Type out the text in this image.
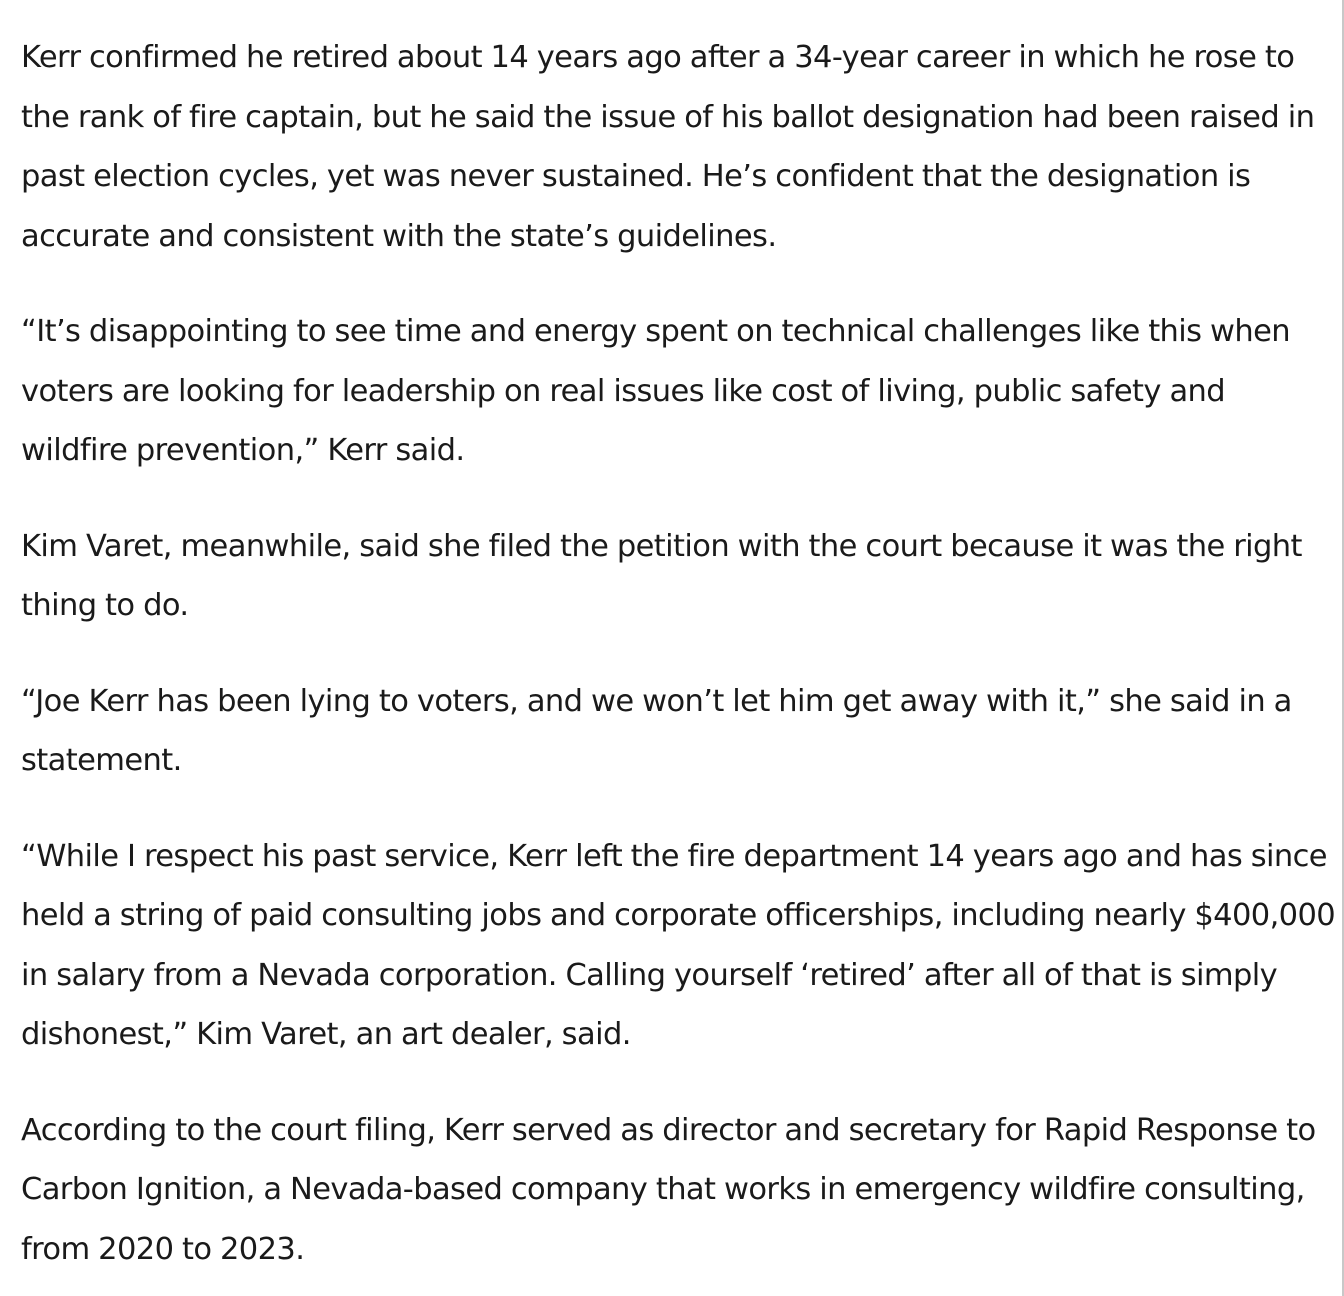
Kerr confirmed he retired about 14 years ago after a 34-year career in which he rose to the rank of fire captain, but he said the issue of his ballot designation had been raised in past election cycles, yet was never sustained. He’s confident that the designation is accurate and consistent with the state’s guidelines.

“It’s disappointing to see time and energy spent on technical challenges like this when voters are looking for leadership on real issues like cost of living, public safety and wildfire prevention,” Kerr said.

Kim Varet, meanwhile, said she filed the petition with the court because it was the right thing to do.

“Joe Kerr has been lying to voters, and we won’t let him get away with it,” she said in a statement.

“While I respect his past service, Kerr left the fire department 14 years ago and has since held a string of paid consulting jobs and corporate officerships, including nearly $400,000 in salary from a Nevada corporation. Calling yourself ‘retired’ after all of that is simply dishonest,” Kim Varet, an art dealer, said.

According to the court filing, Kerr served as director and secretary for Rapid Response to Carbon Ignition, a Nevada-based company that works in emergency wildfire consulting, from 2020 to 2023.
